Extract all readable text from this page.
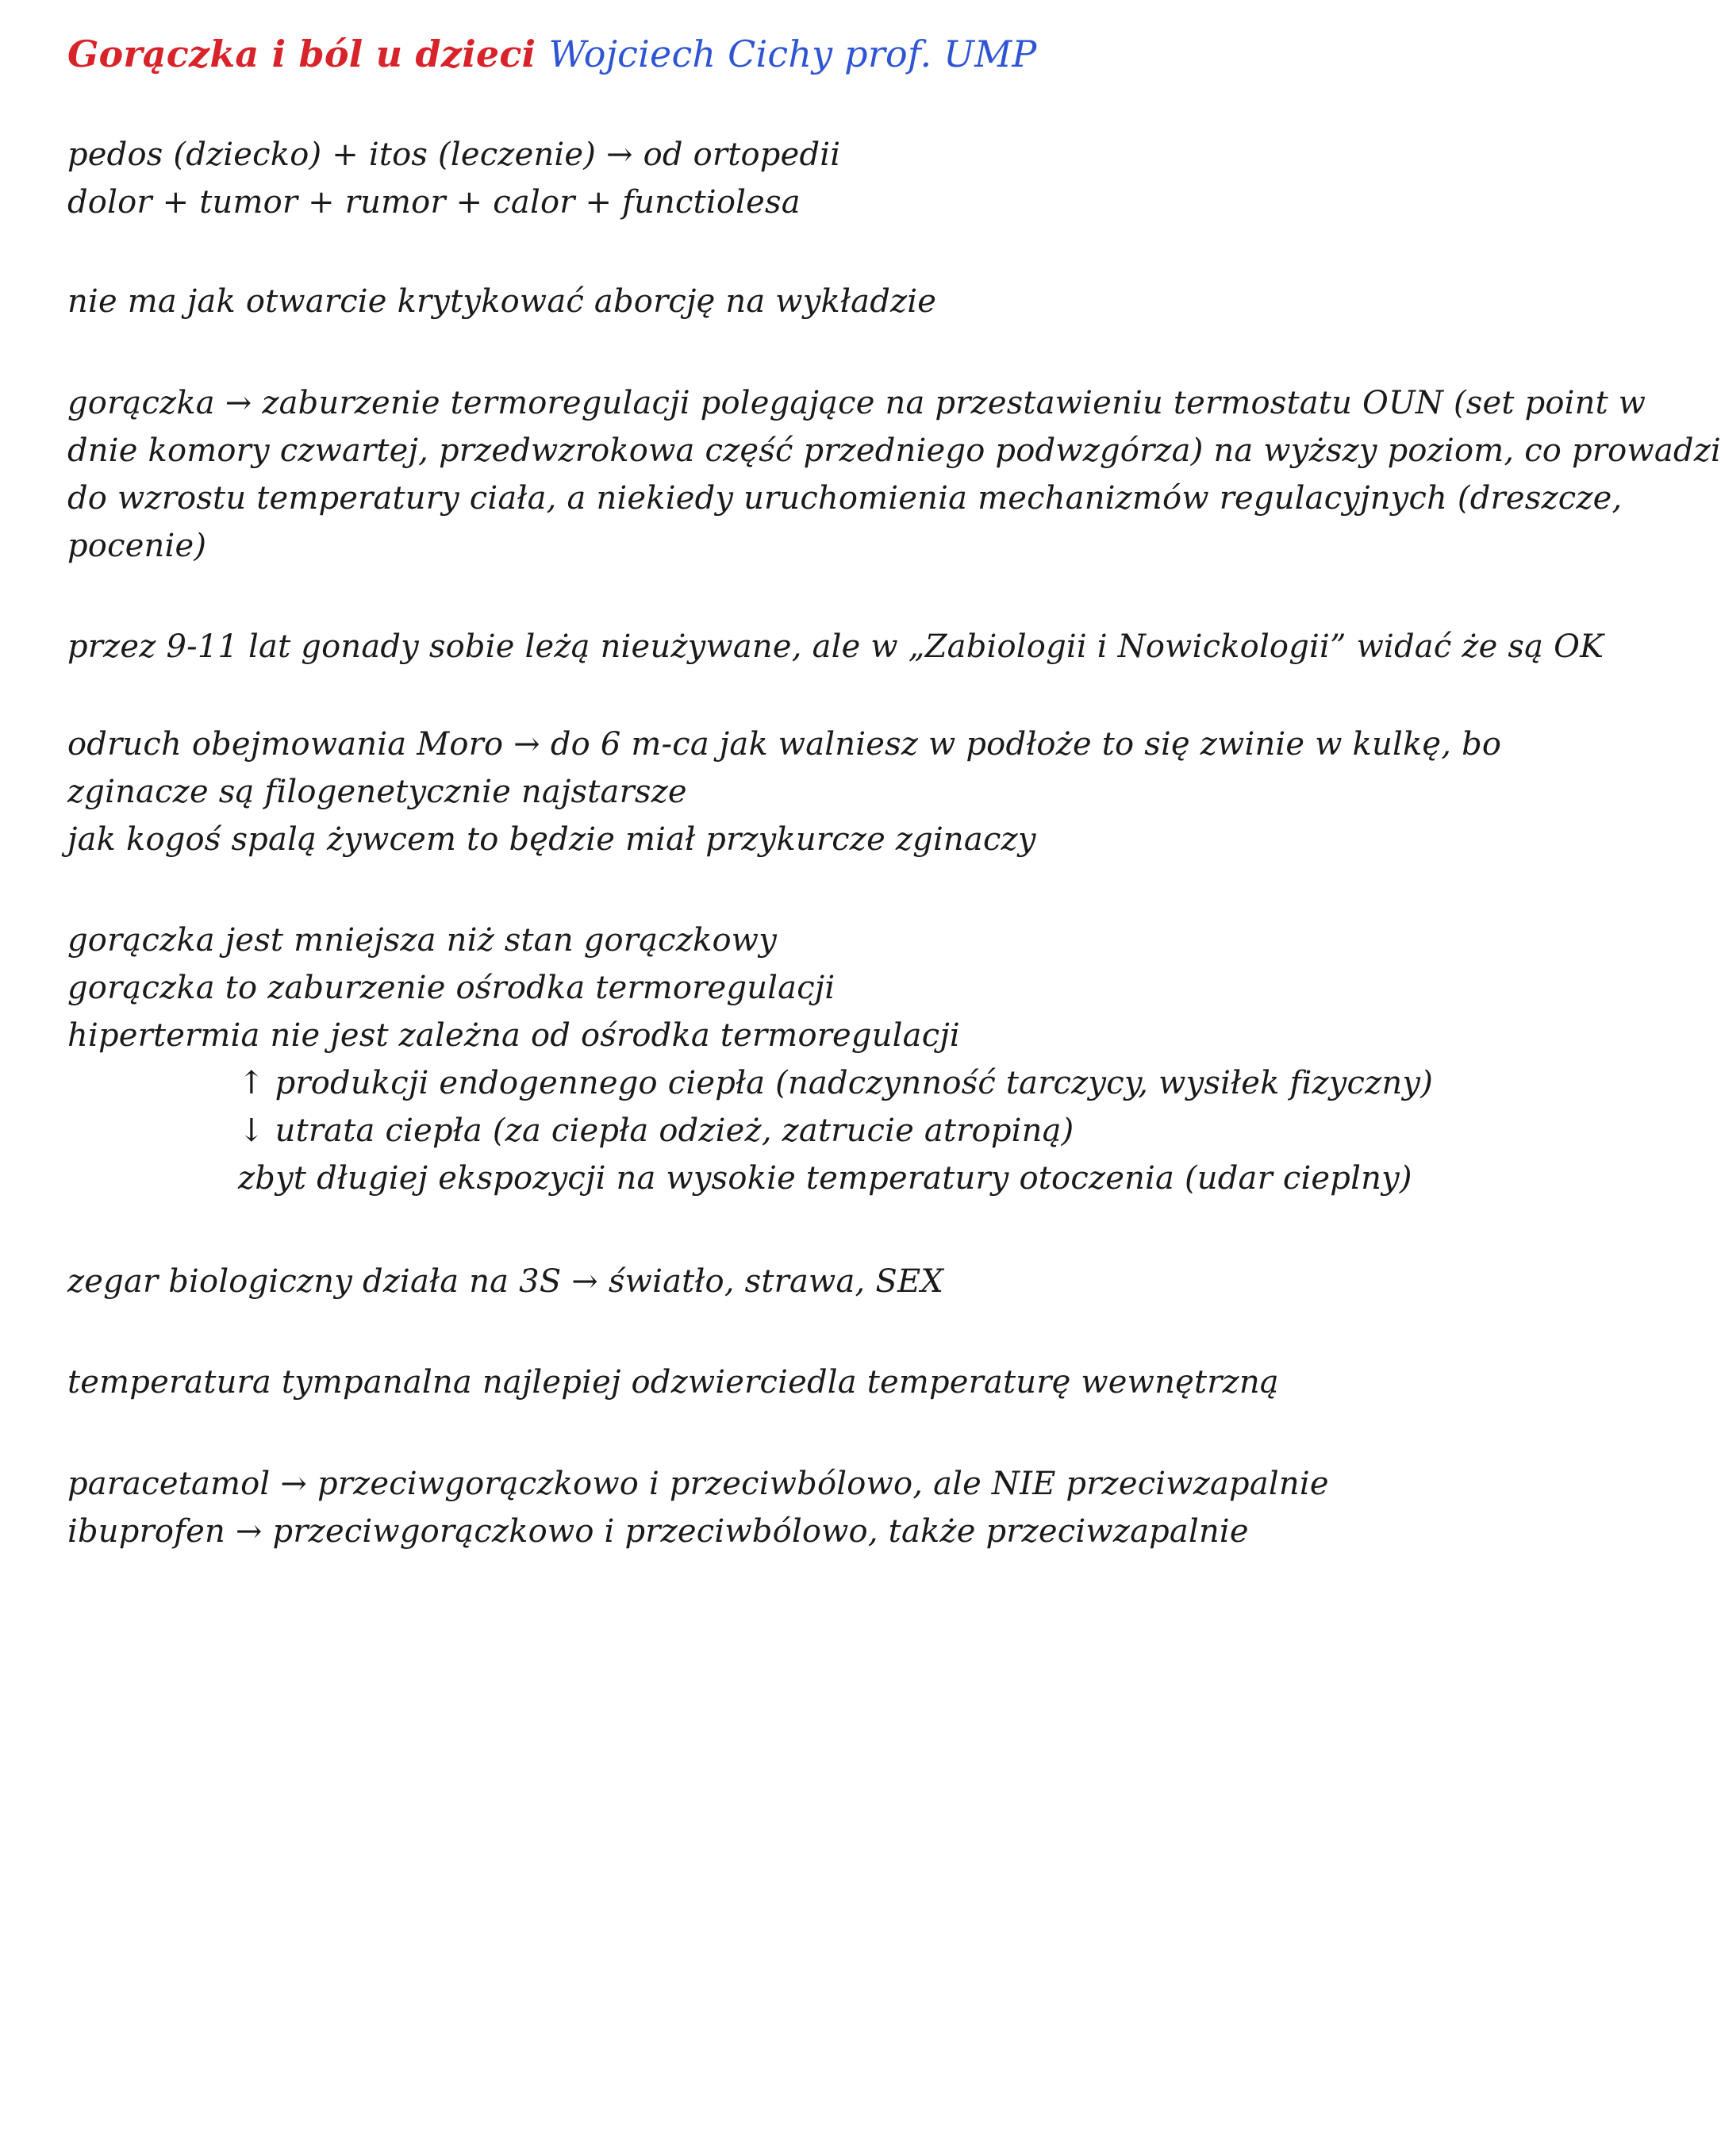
Gorączka i ból u dzieci Wojciech Cichy prof. UMP
pedos (dziecko) + itos (leczenie) → od ortopedii
dolor + tumor + rumor + calor + functiolesa
nie ma jak otwarcie krytykować aborcję na wykładzie
gorączka → zaburzenie termoregulacji polegające na przestawieniu termostatu OUN (set point w
dnie komory czwartej, przedwzrokowa część przedniego podwzgórza) na wyższy poziom, co prowadzi
do wzrostu temperatury ciała, a niekiedy uruchomienia mechanizmów regulacyjnych (dreszcze,
pocenie)
przez 9-11 lat gonady sobie leżą nieużywane, ale w „Zabiologii i Nowickologii” widać że są OK
odruch obejmowania Moro → do 6 m-ca jak walniesz w podłoże to się zwinie w kulkę, bo
zginacze są filogenetycznie najstarsze
jak kogoś spalą żywcem to będzie miał przykurcze zginaczy
gorączka jest mniejsza niż stan gorączkowy
gorączka to zaburzenie ośrodka termoregulacji
hipertermia nie jest zależna od ośrodka termoregulacji
↑ produkcji endogennego ciepła (nadczynność tarczycy, wysiłek fizyczny)
↓ utrata ciepła (za ciepła odzież, zatrucie atropiną)
zbyt długiej ekspozycji na wysokie temperatury otoczenia (udar cieplny)
zegar biologiczny działa na 3S → światło, strawa, SEX
temperatura tympanalna najlepiej odzwierciedla temperaturę wewnętrzną
paracetamol → przeciwgorączkowo i przeciwbólowo, ale NIE przeciwzapalnie
ibuprofen → przeciwgorączkowo i przeciwbólowo, także przeciwzapalnie
